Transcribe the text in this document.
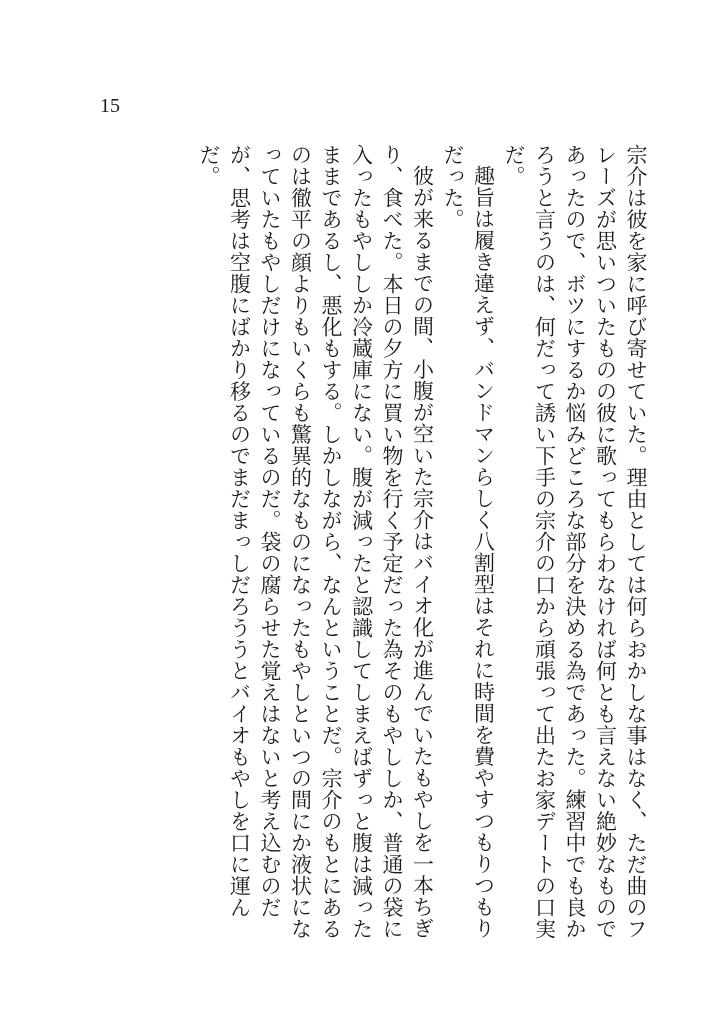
15

宗介は彼を家に呼び寄せていた。理由としては何らおかしな事はなく、ただ曲のフレーズが思いついたものの彼に歌ってもらわなければ何とも言えない絶妙なものであったので、ボツにするか悩みどころな部分を決める為であった。練習中でも良かろうと言うのは、何だって誘い下手の宗介の口から頑張って出たお家デートの口実だ。

趣旨は履き違えず、バンドマンらしく八割型はそれに時間を費やすつもりつもりだった。

彼が来るまでの間、小腹が空いた宗介はバイオ化が進んでいたもやしを一本ちぎり、食べた。本日の夕方に買い物を行く予定だった為そのもやししか、普通の袋に入ったもやししか冷蔵庫にない。腹が減ったと認識してしまえばずっと腹は減ったままであるし、悪化もする。しかしながら、なんということだ。宗介のもとにあるのは徹平の顔よりもいくらも驚異的なものになったもやしといつの間にか液状になっていたもやしだけになっているのだ。袋の腐らせた覚えはないと考え込むのだが、思考は空腹にばかり移るのでまだまっしだろううとバイオもやしを口に運んだ。
